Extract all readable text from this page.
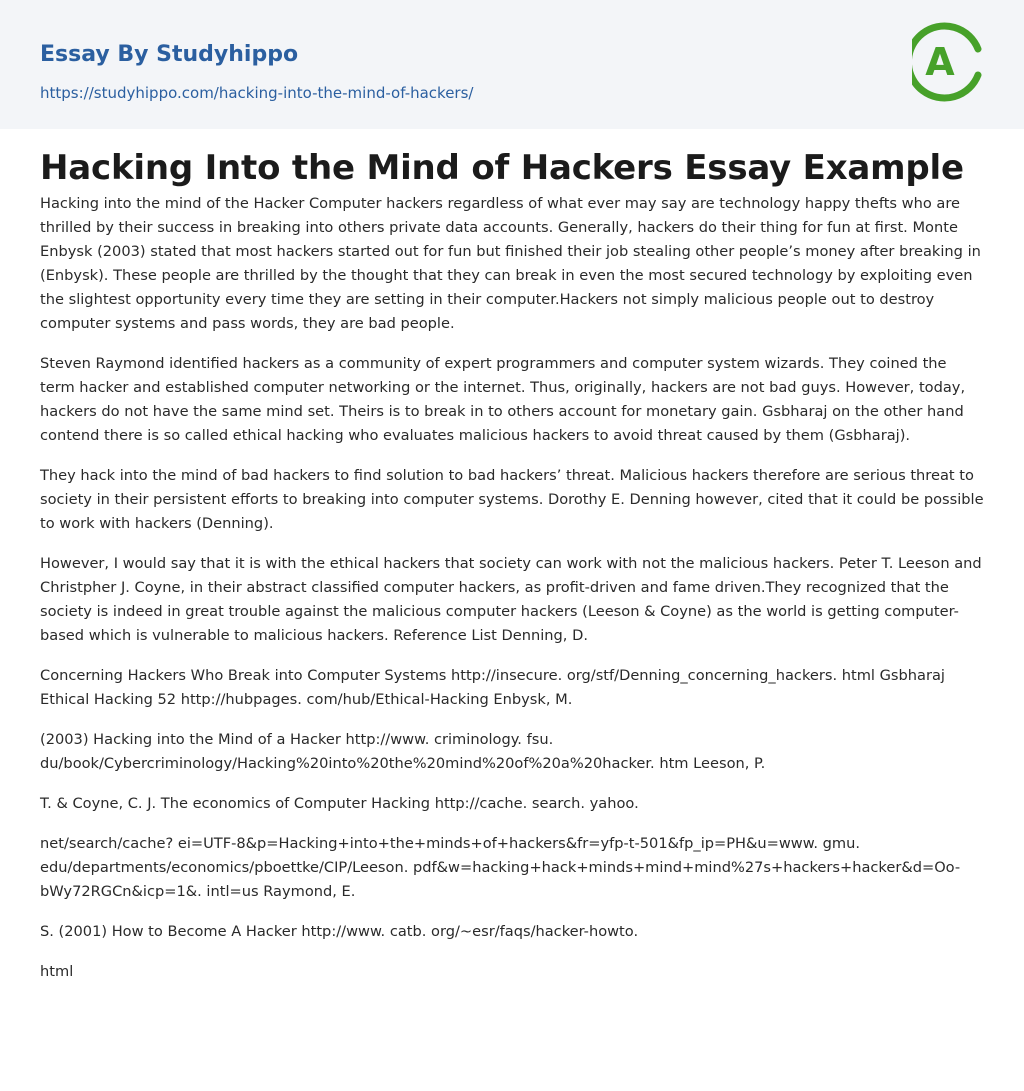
Essay By Studyhippo
https://studyhippo.com/hacking-into-the-mind-of-hackers/
A
Hacking Into the Mind of Hackers Essay Example

Hacking into the mind of the Hacker Computer hackers regardless of what ever may say are technology happy thefts who are thrilled by their success in breaking into others private data accounts. Generally, hackers do their thing for fun at first. Monte Enbysk (2003) stated that most hackers started out for fun but finished their job stealing other people’s money after breaking in (Enbysk). These people are thrilled by the thought that they can break in even the most secured technology by exploiting even the slightest opportunity every time they are setting in their computer.Hackers not simply malicious people out to destroy computer systems and pass words, they are bad people.

Steven Raymond identified hackers as a community of expert programmers and computer system wizards. They coined the term hacker and established computer networking or the internet. Thus, originally, hackers are not bad guys. However, today, hackers do not have the same mind set. Theirs is to break in to others account for monetary gain. Gsbharaj on the other hand contend there is so called ethical hacking who evaluates malicious hackers to avoid threat caused by them (Gsbharaj).

They hack into the mind of bad hackers to find solution to bad hackers’ threat. Malicious hackers therefore are serious threat to society in their persistent efforts to breaking into computer systems. Dorothy E. Denning however, cited that it could be possible to work with hackers (Denning).

However, I would say that it is with the ethical hackers that society can work with not the malicious hackers. Peter T. Leeson and Christpher J. Coyne, in their abstract classified computer hackers, as profit-driven and fame driven.They recognized that the society is indeed in great trouble against the malicious computer hackers (Leeson & Coyne) as the world is getting computer-based which is vulnerable to malicious hackers. Reference List Denning, D.

Concerning Hackers Who Break into Computer Systems http://insecure. org/stf/Denning_concerning_hackers. html Gsbharaj Ethical Hacking 52 http://hubpages. com/hub/Ethical-Hacking Enbysk, M.

(2003) Hacking into the Mind of a Hacker http://www. criminology. fsu. du/book/Cybercriminology/Hacking%20into%20the%20mind%20of%20a%20hacker. htm Leeson, P.

T. & Coyne, C. J. The economics of Computer Hacking http://cache. search. yahoo.

net/search/cache? ei=UTF-8&p=Hacking+into+the+minds+of+hackers&fr=yfp-t-501&fp_ip=PH&u=www. gmu. edu/departments/economics/pboettke/CIP/Leeson. pdf&w=hacking+hack+minds+mind+mind%27s+hackers+hacker&d=Oo-bWy72RGCn&icp=1&. intl=us Raymond, E.

S. (2001) How to Become A Hacker http://www. catb. org/~esr/faqs/hacker-howto.

html
